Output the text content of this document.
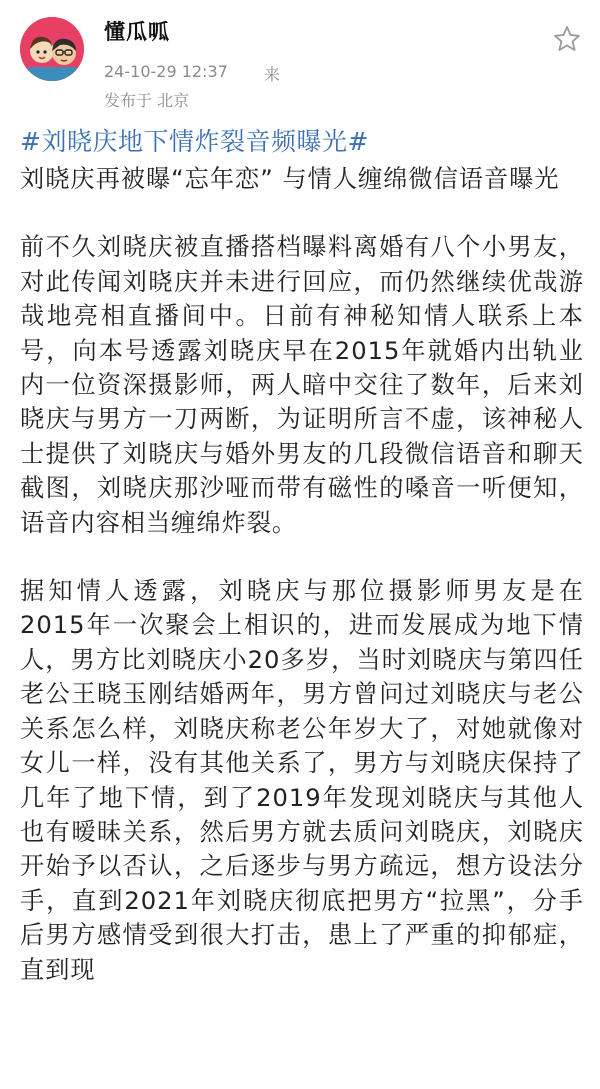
懂瓜呱
24-10-29 12:37 来
发布于 北京
#刘晓庆地下情炸裂音频曝光#

刘晓庆再被曝“忘年恋” 与情人缠绵微信语音曝光

前不久刘晓庆被直播搭档曝料离婚有八个小男友，对此传闻刘晓庆并未进行回应，而仍然继续优哉游哉地亮相直播间中。日前有神秘知情人联系上本号，向本号透露刘晓庆早在2015年就婚内出轨业内一位资深摄影师，两人暗中交往了数年，后来刘晓庆与男方一刀两断，为证明所言不虚，该神秘人士提供了刘晓庆与婚外男友的几段微信语音和聊天截图，刘晓庆那沙哑而带有磁性的嗓音一听便知，语音内容相当缠绵炸裂。

据知情人透露，刘晓庆与那位摄影师男友是在2015年一次聚会上相识的，进而发展成为地下情人，男方比刘晓庆小20多岁，当时刘晓庆与第四任老公王晓玉刚结婚两年，男方曾问过刘晓庆与老公关系怎么样，刘晓庆称老公年岁大了，对她就像对女儿一样，没有其他关系了，男方与刘晓庆保持了几年了地下情，到了2019年发现刘晓庆与其他人也有暧昧关系，然后男方就去质问刘晓庆，刘晓庆开始予以否认，之后逐步与男方疏远，想方设法分手，直到2021年刘晓庆彻底把男方“拉黑”，分手后男方感情受到很大打击，患上了严重的抑郁症，直到现
